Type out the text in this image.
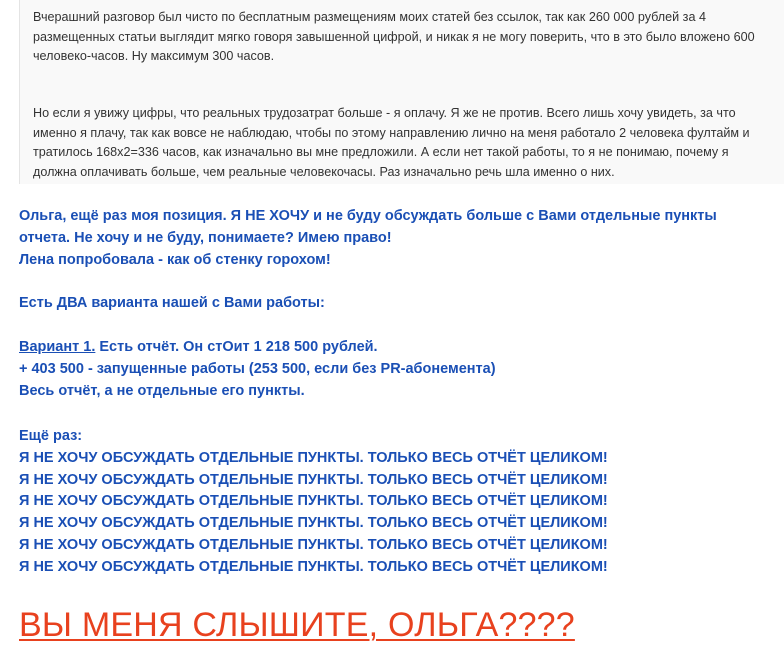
Вчерашний разговор был чисто по бесплатным размещениям моих статей без ссылок, так как 260 000 рублей за 4
размещенных статьи выглядит мягко говоря завышенной цифрой, и никак я не могу поверить, что в это было вложено 600
человеко-часов. Ну максимум 300 часов.

Но если я увижу цифры, что реальных трудозатрат больше - я оплачу. Я же не против. Всего лишь хочу увидеть, за что
именно я плачу, так как вовсе не наблюдаю, чтобы по этому направлению лично на меня работало 2 человека фултайм и
тратилось 168х2=336 часов, как изначально вы мне предложили. А если нет такой работы, то я не понимаю, почему я
должна оплачивать больше, чем реальные человекочасы. Раз изначально речь шла именно о них.

Ольга, ещё раз моя позиция. Я НЕ ХОЧУ и не буду обсуждать больше с Вами отдельные пункты

отчета. Не хочу и не буду, понимаете? Имею право!

Лена попробовала - как об стенку горохом!

Есть ДВА варианта нашей с Вами работы:

Вариант 1. Есть отчёт. Он стОит 1 218 500 рублей.

+ 403 500 - запущенные работы (253 500, если без PR-абонемента)

Весь отчёт, а не отдельные его пункты.

Ещё раз:

Я НЕ ХОЧУ ОБСУЖДАТЬ ОТДЕЛЬНЫЕ ПУНКТЫ. ТОЛЬКО ВЕСЬ ОТЧЁТ ЦЕЛИКОМ!

Я НЕ ХОЧУ ОБСУЖДАТЬ ОТДЕЛЬНЫЕ ПУНКТЫ. ТОЛЬКО ВЕСЬ ОТЧЁТ ЦЕЛИКОМ!

Я НЕ ХОЧУ ОБСУЖДАТЬ ОТДЕЛЬНЫЕ ПУНКТЫ. ТОЛЬКО ВЕСЬ ОТЧЁТ ЦЕЛИКОМ!

Я НЕ ХОЧУ ОБСУЖДАТЬ ОТДЕЛЬНЫЕ ПУНКТЫ. ТОЛЬКО ВЕСЬ ОТЧЁТ ЦЕЛИКОМ!

Я НЕ ХОЧУ ОБСУЖДАТЬ ОТДЕЛЬНЫЕ ПУНКТЫ. ТОЛЬКО ВЕСЬ ОТЧЁТ ЦЕЛИКОМ!

Я НЕ ХОЧУ ОБСУЖДАТЬ ОТДЕЛЬНЫЕ ПУНКТЫ. ТОЛЬКО ВЕСЬ ОТЧЁТ ЦЕЛИКОМ!

ВЫ МЕНЯ СЛЫШИТЕ, ОЛЬГА????
